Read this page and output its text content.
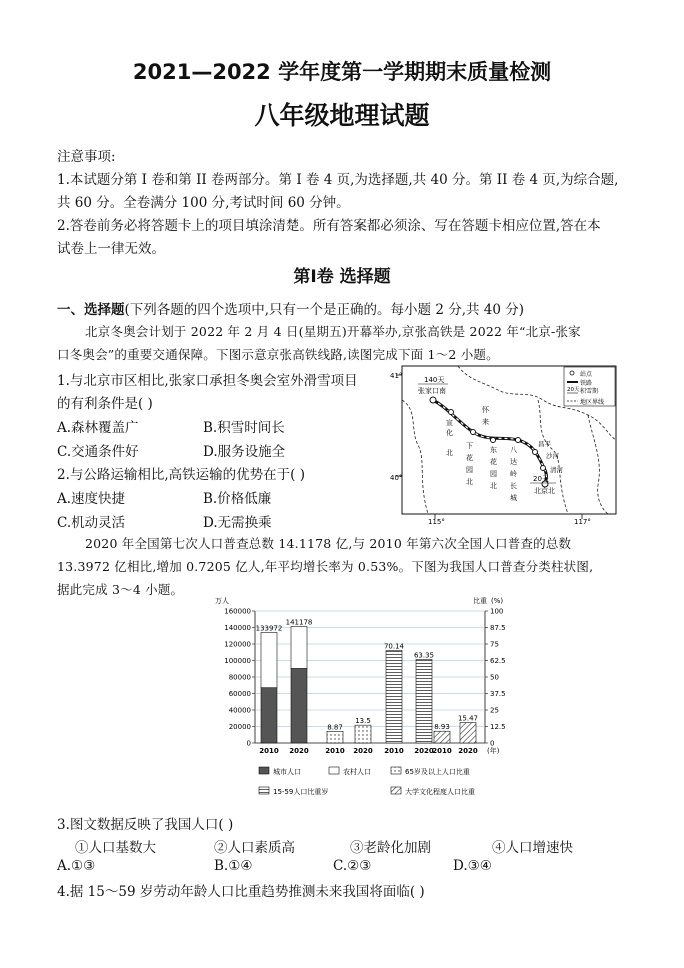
2021—2022 学年度第一学期期末质量检测
八年级地理试题
注意事项:
1.本试题分第 I 卷和第 II 卷两部分。第 I 卷 4 页,为选择题,共 40 分。第 II 卷 4 页,为综合题,
共 60 分。全卷满分 100 分,考试时间 60 分钟。
2.答卷前务必将答题卡上的项目填涂清楚。所有答案都必须涂、写在答题卡相应位置,答在本
试卷上一律无效。
第Ⅰ卷 选择题
一、选择题(下列各题的四个选项中,只有一个是正确的。每小题 2 分,共 40 分)
北京冬奥会计划于 2022 年 2 月 4 日(星期五)开幕举办,京张高铁是 2022 年“北京-张家
口冬奥会”的重要交通保障。下图示意京张高铁线路,读图完成下面 1～2 小题。
1.与北京市区相比,张家口承担冬奥会室外滑雪项目
的有利条件是( )
A.森林覆盖广	B.积雪时间长
C.交通条件好	D.服务设施全
2.与公路运输相比,高铁运输的优势在于( )
A.速度快捷	B.价格低廉
C.机动灵活	D.无需换乘
41°
40°
115°	117°
140天
张家口南
宣
化
北
下
花
园
北
怀
来
东
花
园
北
八
达
岭
长
城
昌平
沙河
清河
20天
北京北
站点
铁路
20天 积雪期
地区界线
2020 年全国第七次人口普查总数 14.1178 亿,与 2010 年第六次全国人口普查的总数
13.3972 亿相比,增加 0.7205 亿人,年平均增长率为 0.53%。下图为我国人口普查分类柱状图,
据此完成 3～4 小题。
0
20000
40000
60000
80000
100000
120000
140000
160000
0
12.5
25
37.5
50
62.5
75
87.5
100
万人	比重 (%)
133972
141178
8.87
13.5
70.14
63.35
8.93
15.47
2010 2020 2010 2020 2010 2020
2010 2020 (年)
城市人口	农村人口	65岁及以上人口比重
15-59人口比重岁	大学文化程度人口比重
3.图文数据反映了我国人口( )
①人口基数大	②人口素质高	③老龄化加剧	④人口增速快
A.①③	B.①④	C.②③	D.③④
4.据 15～59 岁劳动年龄人口比重趋势推测未来我国将面临( )
